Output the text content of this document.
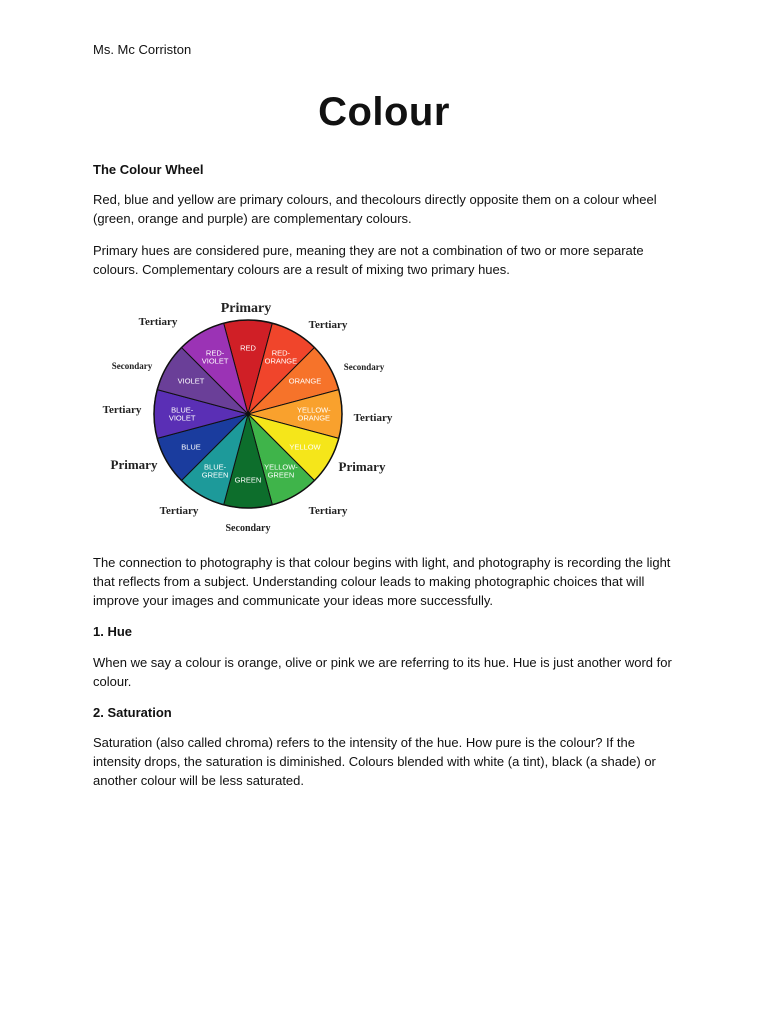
Ms. Mc Corriston
Colour

The Colour Wheel

Red, blue and yellow are primary colours, and thecolours directly opposite them on a colour wheel (green, orange and purple) are complementary colours.

Primary hues are considered pure, meaning they are not a combination of two or more separate colours. Complementary colours are a result of mixing two primary hues.

RED
RED-ORANGE
ORANGE
YELLOW-ORANGE
YELLOW
YELLOW-GREEN
GREEN
BLUE-GREEN
BLUE
BLUE-VIOLET
VIOLET
RED-VIOLET
Primary
Tertiary	Tertiary
Secondary	Secondary
Tertiary
Tertiary
Primary	Primary
Tertiary	Tertiary
Secondary

The connection to photography is that colour begins with light, and photography is recording the light that reflects from a subject. Understanding colour leads to making photographic choices that will improve your images and communicate your ideas more successfully.

1. Hue

When we say a colour is orange, olive or pink we are referring to its hue. Hue is just another word for colour.

2. Saturation

Saturation (also called chroma) refers to the intensity of the hue. How pure is the colour? If the intensity drops, the saturation is diminished. Colours blended with white (a tint), black (a shade) or another colour will be less saturated.
